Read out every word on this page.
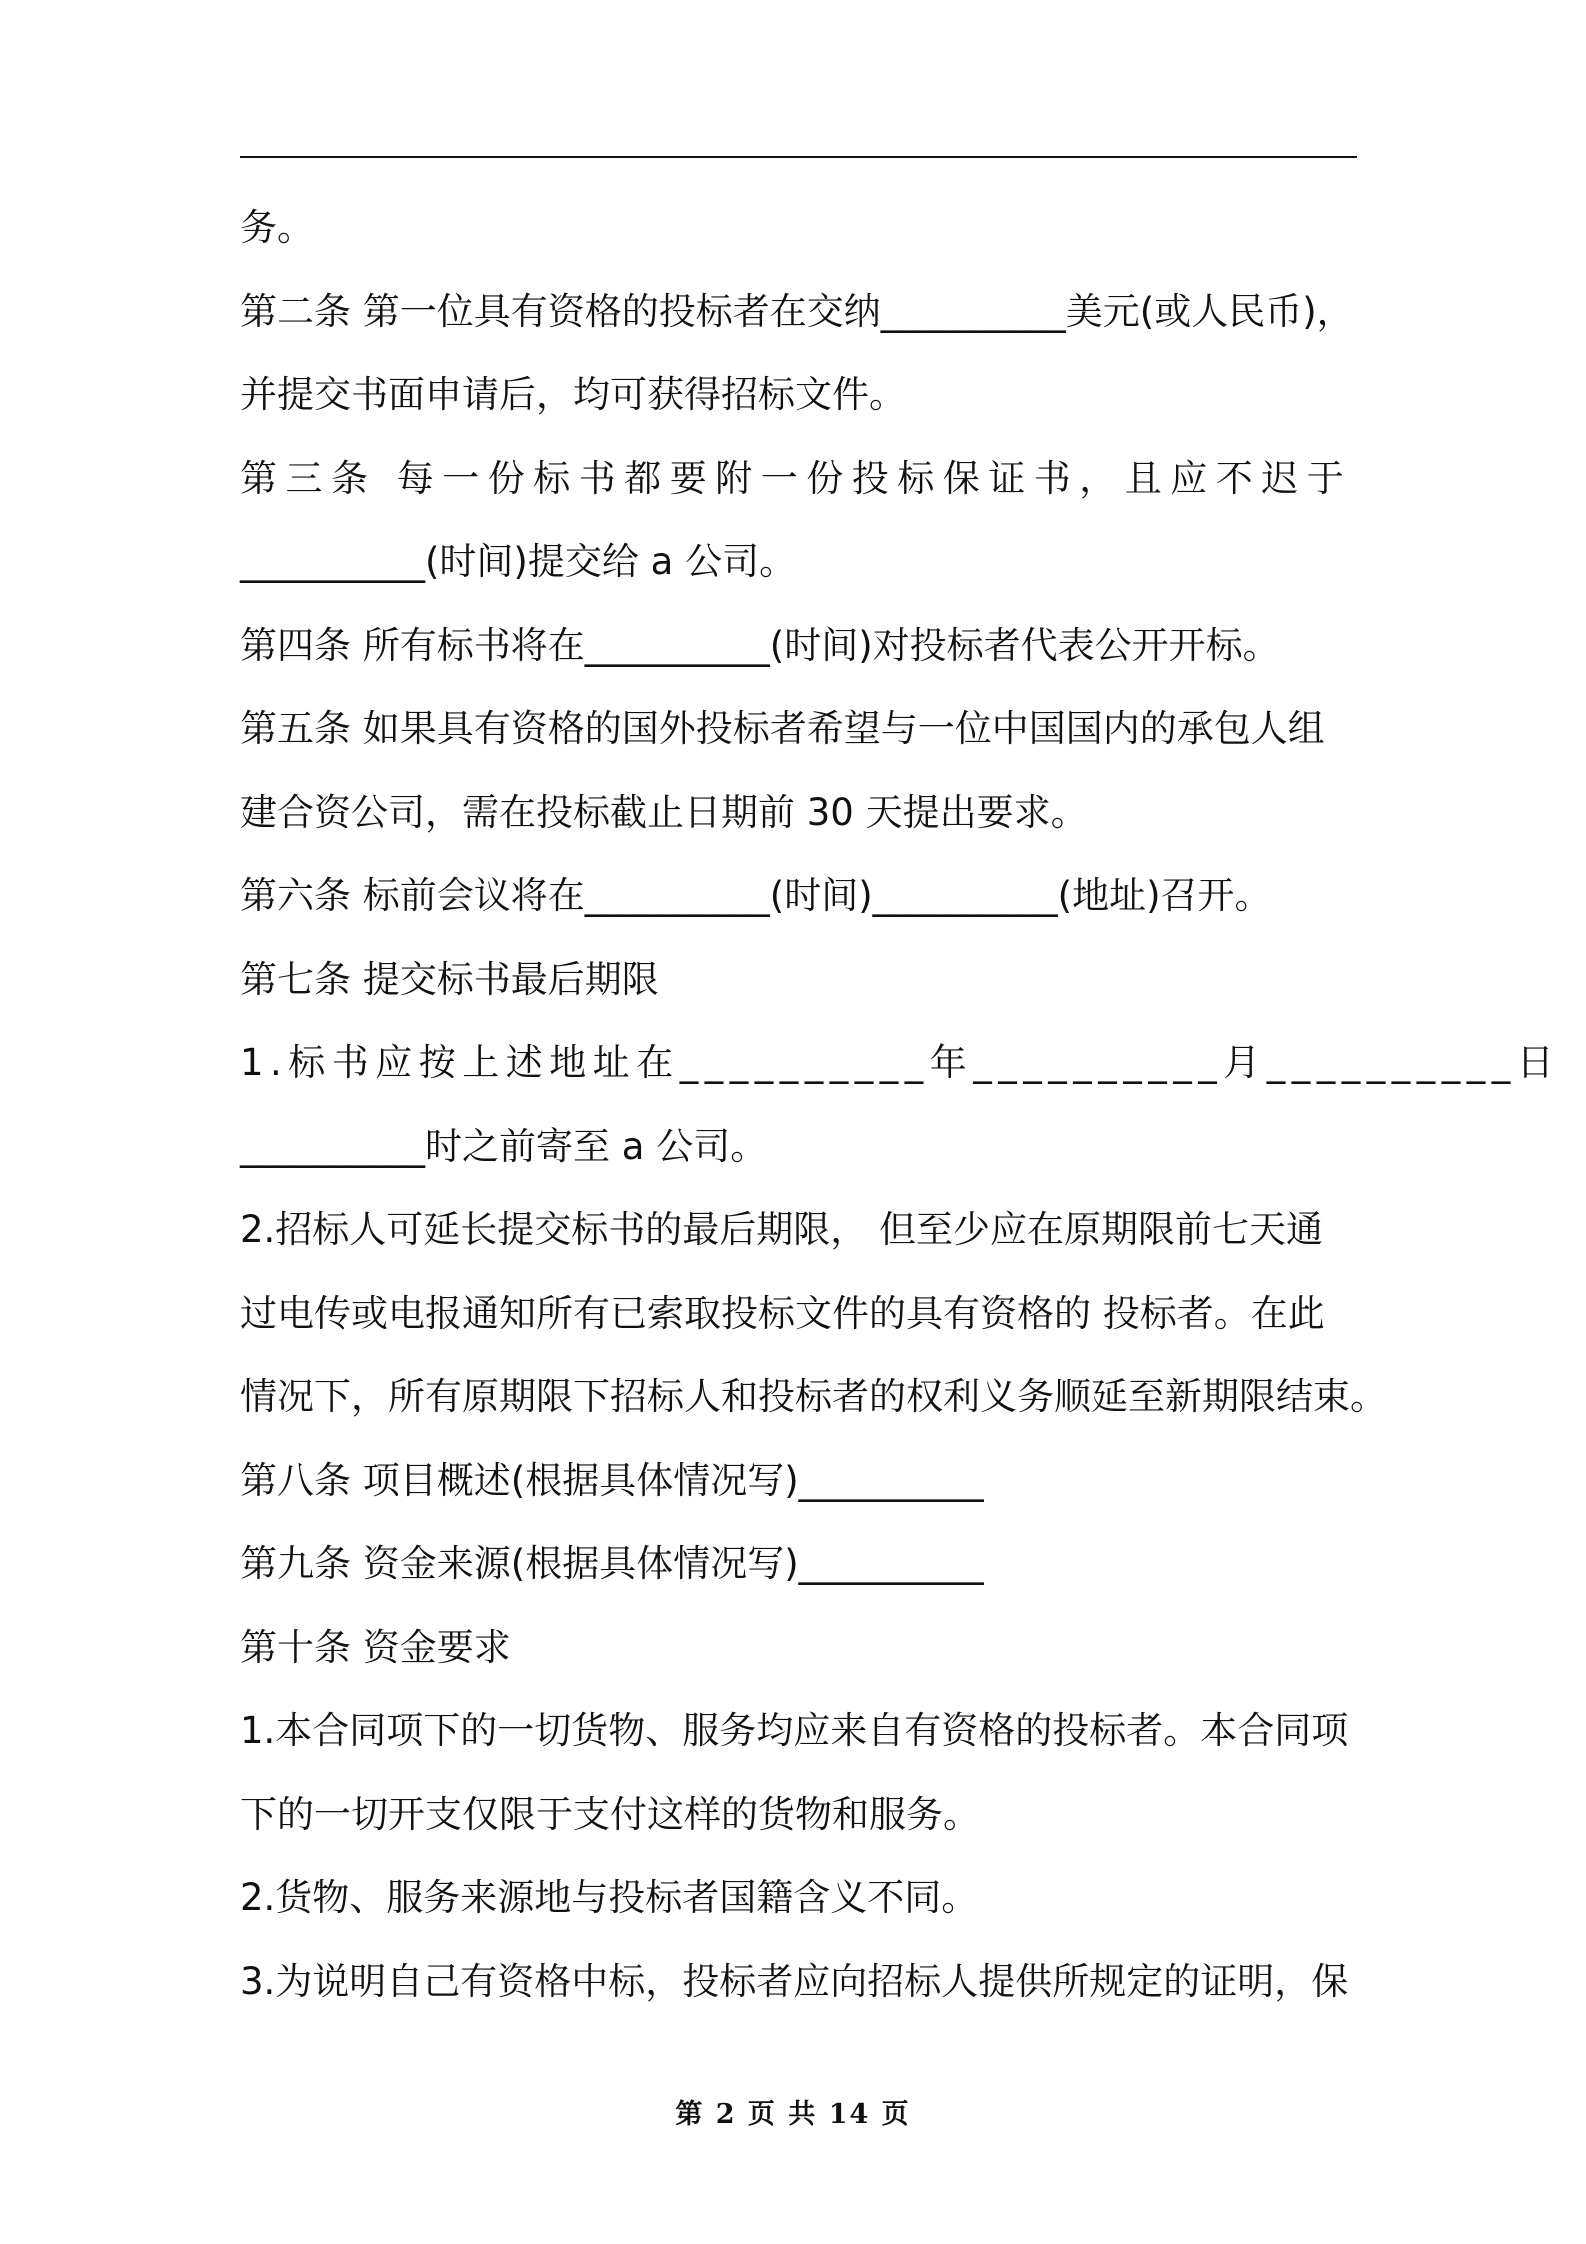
务。
第二条 第一位具有资格的投标者在交纳__________美元(或人民币)，
并提交书面申请后，均可获得招标文件。
第三条 每一份标书都要附一份投标保证书，且应不迟于
__________(时间)提交给 a 公司。
第四条 所有标书将在__________(时间)对投标者代表公开开标。
第五条 如果具有资格的国外投标者希望与一位中国国内的承包人组
建合资公司，需在投标截止日期前 30 天提出要求。
第六条 标前会议将在__________(时间)__________(地址)召开。
第七条 提交标书最后期限
1.标书应按上述地址在__________年__________月__________日
__________时之前寄至 a 公司。
2.招标人可延长提交标书的最后期限， 但至少应在原期限前七天通
过电传或电报通知所有已索取投标文件的具有资格的 投标者。在此
情况下，所有原期限下招标人和投标者的权利义务顺延至新期限结束。
第八条 项目概述(根据具体情况写)__________
第九条 资金来源(根据具体情况写)__________
第十条 资金要求
1.本合同项下的一切货物、服务均应来自有资格的投标者。本合同项
下的一切开支仅限于支付这样的货物和服务。
2.货物、服务来源地与投标者国籍含义不同。
3.为说明自己有资格中标，投标者应向招标人提供所规定的证明，保
第 2 页 共 14 页
